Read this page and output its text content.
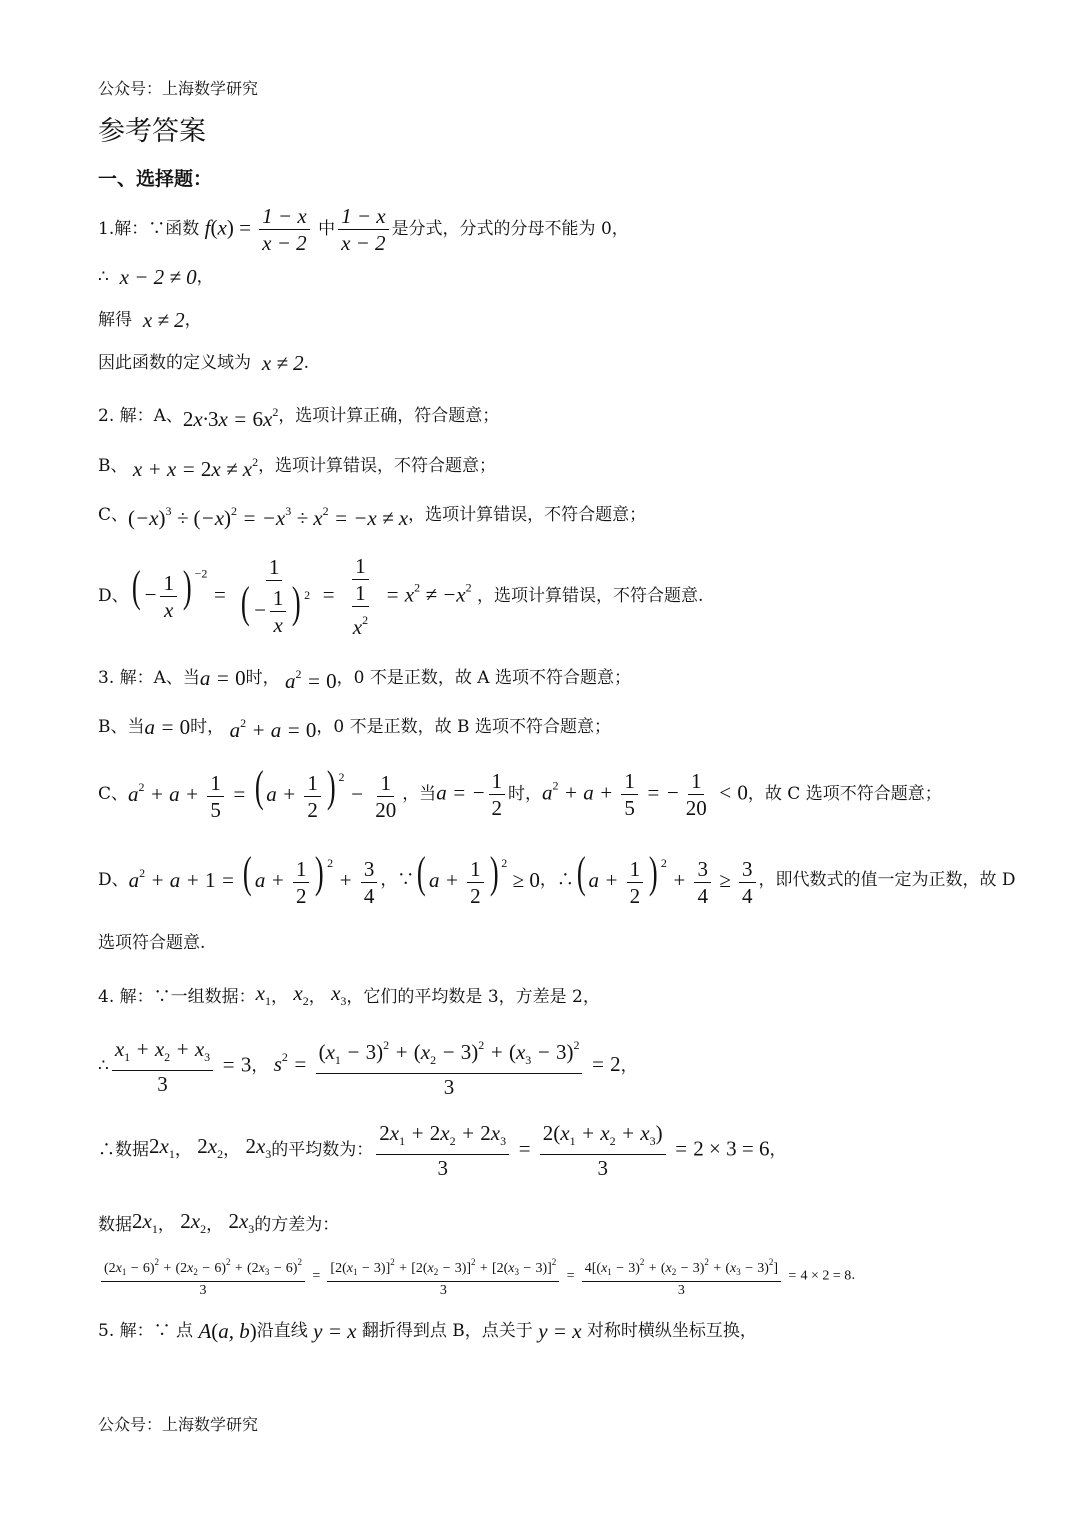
公众号：上海数学研究
参考答案
一、选择题：
1.解：∵函数
$f(x) = \frac{1 - x}{x - 2}$
中 $\frac{1 - x}{x - 2}$ 是分式，分式的分母不能为 0，
∴
x − 2 ≠ 0 ，
解得
x ≠ 2 ，
因此函数的定义域为
x ≠ 2 .
2. 解：A、 $2x\cdot 3x = 6x^2$ ，选项计算正确，符合题意；
B、
$x + x = 2x \ne x^2$ ，选项计算错误，不符合题意；
C、 $(-x)^3 \div (-x)^2 = -x^3 \div x^2 = -x \ne x$ ，选项计算错误，不符合题意；
D、 ( − $\frac{1}{x}$ ) $^{-2} = \frac{1}{( - \frac{1}{x} ) ^2} = \frac{1}{\frac{1}{x^2}} = x^2 \ne -x^2$
，选项计算错误，不符合题意.
3. 解：A、当 a = 0 时，
$a^2 = 0$ ，0 不是正数，故 A 选项不符合题意；
B、当 a = 0 时，
$a^2 + a = 0$ ，0 不是正数，故 B 选项不符合题意；
C、 $a^2 + a + \frac{1}{5}$ = ( $a + \frac{1}{2}$ ) $^2 - \frac{1}{20}$ ，当 a = − $\frac{1}{2}$ 时， $a^2 + a + \frac{1}{5}$ = − $\frac{1}{20} < 0$ ，故 C 选项不符合题意；
D、 $a^2 + a + 1$ = ( $a + \frac{1}{2}$ ) $^2 + \frac{3}{4}$ ，∵ ( $a + \frac{1}{2}$ ) $^2$ ≥ 0 ，∴ ( $a + \frac{1}{2}$ ) $^2 + \frac{3}{4} \ge \frac{3}{4}$ ，即代数式的值一定为正数，故 D
选项符合题意.
4. 解：∵一组数据： $x_1$ ， $x_2$ ， $x_3$ ，它们的平均数是 3，方差是 2，
∴ $\frac{x_1 + x_2 + x_3}{3} = 3$ ， $s^2 = \frac{(x_1 - 3)^2 + (x_2 - 3)^2 + (x_3 - 3)^2}{3} = 2$ ，
∴数据 $2x_1$ ， $2x_2$ ， $2x_3$ 的平均数为： $\frac{2x_1 + 2x_2 + 2x_3}{3} = \frac{2(x_1 + x_2 + x_3)}{3} = 2 \times 3 = 6$ ，
数据 $2x_1$ ， $2x_2$ ， $2x_3$ 的方差为：
$\frac{(2x_1 - 6)^2 + (2x_2 - 6)^2 + (2x_3 - 6)^2}{3} = \frac{[2(x_1 - 3)]^2 + [2(x_2 - 3)]^2 + [2(x_3 - 3)]^2}{3} = \frac{4[(x_1 - 3)^2 + (x_2 - 3)^2 + (x_3 - 3)^2]}{3} = 4 \times 2 = 8$ .
5. 解：∵ 点
A(a, b) 沿直线
y = x
翻折得到点 B，点关于
y = x
对称时横纵坐标互换，
公众号：上海数学研究
